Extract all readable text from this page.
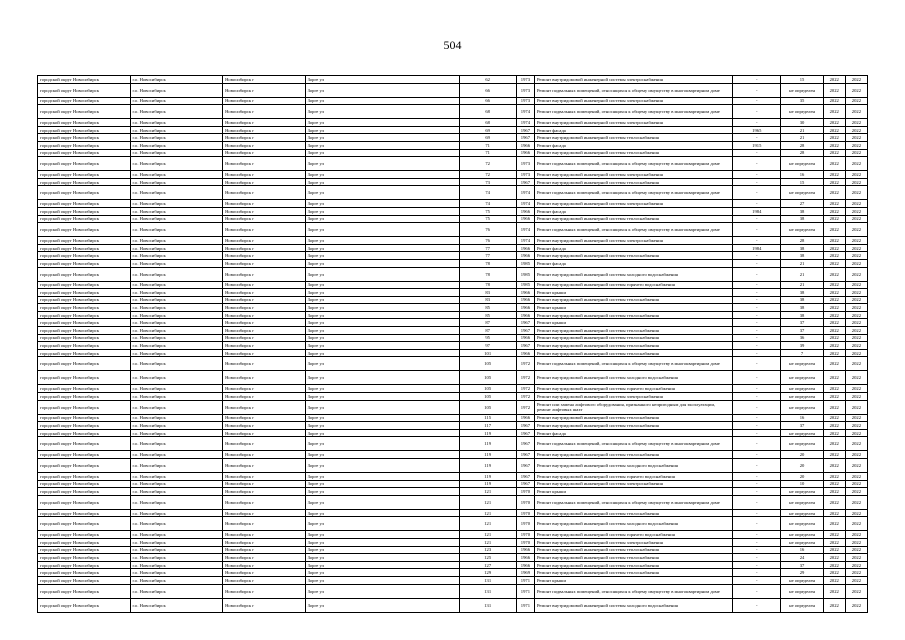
504
городской округ Новосибирск	г.о. Новосибирск	Новосибирск г	Зорге ул	62	1973	Ремонт внутридомовой инженерной системы электроснабжения	-	15	2022	2022
городской округ Новосибирск	г.о. Новосибирск	Новосибирск г	Зорге ул	66	1973	Ремонт подвальных помещений, относящихся к общему имуществу в многоквартирном доме	-	не определен	2022	2022
городской округ Новосибирск	г.о. Новосибирск	Новосибирск г	Зорге ул	66	1973	Ремонт внутридомовой инженерной системы электроснабжения	-	35	2022	2022
городской округ Новосибирск	г.о. Новосибирск	Новосибирск г	Зорге ул	68	1974	Ремонт подвальных помещений, относящихся к общему имуществу в многоквартирном доме	-	не определен	2022	2022
городской округ Новосибирск	г.о. Новосибирск	Новосибирск г	Зорге ул	68	1974	Ремонт внутридомовой инженерной системы электроснабжения	-	30	2022	2022
городской округ Новосибирск	г.о. Новосибирск	Новосибирск г	Зорге ул	69	1967	Ремонт фасада	1965	21	2022	2022
городской округ Новосибирск	г.о. Новосибирск	Новосибирск г	Зорге ул	69	1967	Ремонт внутридомовой инженерной системы теплоснабжения	-	21	2022	2022
городской округ Новосибирск	г.о. Новосибирск	Новосибирск г	Зорге ул	71	1966	Ремонт фасада	1915	28	2022	2022
городской округ Новосибирск	г.о. Новосибирск	Новосибирск г	Зорге ул	71	1966	Ремонт внутридомовой инженерной системы теплоснабжения	-	28	2022	2022
городской округ Новосибирск	г.о. Новосибирск	Новосибирск г	Зорге ул	72	1973	Ремонт подвальных помещений, относящихся к общему имуществу в многоквартирном доме	-	не определен	2022	2022
городской округ Новосибирск	г.о. Новосибирск	Новосибирск г	Зорге ул	72	1973	Ремонт внутридомовой инженерной системы электроснабжения	-	16	2022	2022
городской округ Новосибирск	г.о. Новосибирск	Новосибирск г	Зорге ул	73	1967	Ремонт внутридомовой инженерной системы теплоснабжения	-	15	2022	2022
городской округ Новосибирск	г.о. Новосибирск	Новосибирск г	Зорге ул	74	1974	Ремонт подвальных помещений, относящихся к общему имуществу в многоквартирном доме	-	не определен	2022	2022
городской округ Новосибирск	г.о. Новосибирск	Новосибирск г	Зорге ул	74	1974	Ремонт внутридомовой инженерной системы электроснабжения	-	27	2022	2022
городской округ Новосибирск	г.о. Новосибирск	Новосибирск г	Зорге ул	75	1966	Ремонт фасада	1984	38	2022	2022
городской округ Новосибирск	г.о. Новосибирск	Новосибирск г	Зорге ул	75	1966	Ремонт внутридомовой инженерной системы теплоснабжения	-	38	2022	2022
городской округ Новосибирск	г.о. Новосибирск	Новосибирск г	Зорге ул	76	1974	Ремонт подвальных помещений, относящихся к общему имуществу в многоквартирном доме	-	не определен	2022	2022
городской округ Новосибирск	г.о. Новосибирск	Новосибирск г	Зорге ул	76	1974	Ремонт внутридомовой инженерной системы электроснабжения	-	28	2022	2022
городской округ Новосибирск	г.о. Новосибирск	Новосибирск г	Зорге ул	77	1966	Ремонт фасада	1984	38	2022	2022
городской округ Новосибирск	г.о. Новосибирск	Новосибирск г	Зорге ул	77	1966	Ремонт внутридомовой инженерной системы теплоснабжения	-	38	2022	2022
городской округ Новосибирск	г.о. Новосибирск	Новосибирск г	Зорге ул	78	1985	Ремонт фасада	-	21	2022	2022
городской округ Новосибирск	г.о. Новосибирск	Новосибирск г	Зорге ул	78	1985	Ремонт внутридомовой инженерной системы холодного водоснабжения	-	21	2022	2022
городской округ Новосибирск	г.о. Новосибирск	Новосибирск г	Зорге ул	78	1985	Ремонт внутридомовой инженерной системы горячего водоснабжения	-	21	2022	2022
городской округ Новосибирск	г.о. Новосибирск	Новосибирск г	Зорге ул	83	1966	Ремонт крыши	-	38	2022	2022
городской округ Новосибирск	г.о. Новосибирск	Новосибирск г	Зорге ул	83	1966	Ремонт внутридомовой инженерной системы теплоснабжения	-	38	2022	2022
городской округ Новосибирск	г.о. Новосибирск	Новосибирск г	Зорге ул	85	1966	Ремонт крыши	-	38	2022	2022
городской округ Новосибирск	г.о. Новосибирск	Новосибирск г	Зорге ул	85	1966	Ремонт внутридомовой инженерной системы теплоснабжения	-	38	2022	2022
городской округ Новосибирск	г.о. Новосибирск	Новосибирск г	Зорге ул	87	1967	Ремонт крыши	-	37	2022	2022
городской округ Новосибирск	г.о. Новосибирск	Новосибирск г	Зорге ул	87	1967	Ремонт внутридомовой инженерной системы теплоснабжения	-	37	2022	2022
городской округ Новосибирск	г.о. Новосибирск	Новосибирск г	Зорге ул	95	1966	Ремонт внутридомовой инженерной системы теплоснабжения	-	36	2022	2022
городской округ Новосибирск	г.о. Новосибирск	Новосибирск г	Зорге ул	97	1967	Ремонт внутридомовой инженерной системы теплоснабжения	-	39	2022	2022
городской округ Новосибирск	г.о. Новосибирск	Новосибирск г	Зорге ул	101	1966	Ремонт внутридомовой инженерной системы теплоснабжения	-	7	2022	2022
городской округ Новосибирск	г.о. Новосибирск	Новосибирск г	Зорге ул	105	1972	Ремонт подвальных помещений, относящихся к общему имуществу в многоквартирном доме	-	не определен	2022	2022
городской округ Новосибирск	г.о. Новосибирск	Новосибирск г	Зорге ул	105	1972	Ремонт внутридомовой инженерной системы холодного водоснабжения	-	не определен	2022	2022
городской округ Новосибирск	г.о. Новосибирск	Новосибирск г	Зорге ул	105	1972	Ремонт внутридомовой инженерной системы горячего водоснабжения	-	не определен	2022	2022
городской округ Новосибирск	г.о. Новосибирск	Новосибирск г	Зорге ул	105	1972	Ремонт внутридомовой инженерной системы электроснабжения	-	не определен	2022	2022
городской округ Новосибирск	г.о. Новосибирск	Новосибирск г	Зорге ул	105	1972	Ремонт или замена лифтового оборудования, признанного непригодным для эксплуатации, ремонт лифтовых шахт	-	не определен	2022	2022
городской округ Новосибирск	г.о. Новосибирск	Новосибирск г	Зорге ул	115	1966	Ремонт внутридомовой инженерной системы теплоснабжения	-	16	2022	2022
городской округ Новосибирск	г.о. Новосибирск	Новосибирск г	Зорге ул	117	1967	Ремонт внутридомовой инженерной системы теплоснабжения	-	37	2022	2022
городской округ Новосибирск	г.о. Новосибирск	Новосибирск г	Зорге ул	119	1967	Ремонт фасада	-	не определен	2022	2022
городской округ Новосибирск	г.о. Новосибирск	Новосибирск г	Зорге ул	119	1967	Ремонт подвальных помещений, относящихся к общему имуществу в многоквартирном доме	-	не определен	2022	2022
городской округ Новосибирск	г.о. Новосибирск	Новосибирск г	Зорге ул	119	1967	Ремонт внутридомовой инженерной системы теплоснабжения	-	20	2022	2022
городской округ Новосибирск	г.о. Новосибирск	Новосибирск г	Зорге ул	119	1967	Ремонт внутридомовой инженерной системы холодного водоснабжения	-	20	2022	2022
городской округ Новосибирск	г.о. Новосибирск	Новосибирск г	Зорге ул	119	1967	Ремонт внутридомовой инженерной системы горячего водоснабжения	-	20	2022	2022
городской округ Новосибирск	г.о. Новосибирск	Новосибирск г	Зорге ул	119	1967	Ремонт внутридомовой инженерной системы электроснабжения	-	10	2022	2022
городской округ Новосибирск	г.о. Новосибирск	Новосибирск г	Зорге ул	121	1970	Ремонт крыши	-	не определен	2022	2022
городской округ Новосибирск	г.о. Новосибирск	Новосибирск г	Зорге ул	121	1970	Ремонт подвальных помещений, относящихся к общему имуществу в многоквартирном доме	-	не определен	2022	2022
городской округ Новосибирск	г.о. Новосибирск	Новосибирск г	Зорге ул	121	1970	Ремонт внутридомовой инженерной системы теплоснабжения	-	не определен	2022	2022
городской округ Новосибирск	г.о. Новосибирск	Новосибирск г	Зорге ул	121	1970	Ремонт внутридомовой инженерной системы холодного водоснабжения	-	не определен	2022	2022
городской округ Новосибирск	г.о. Новосибирск	Новосибирск г	Зорге ул	121	1970	Ремонт внутридомовой инженерной системы горячего водоснабжения	-	не определен	2022	2022
городской округ Новосибирск	г.о. Новосибирск	Новосибирск г	Зорге ул	121	1970	Ремонт внутридомовой инженерной системы электроснабжения	-	не определен	2022	2022
городской округ Новосибирск	г.о. Новосибирск	Новосибирск г	Зорге ул	123	1966	Ремонт внутридомовой инженерной системы теплоснабжения	-	16	2022	2022
городской округ Новосибирск	г.о. Новосибирск	Новосибирск г	Зорге ул	125	1966	Ремонт внутридомовой инженерной системы теплоснабжения	-	24	2022	2022
городской округ Новосибирск	г.о. Новосибирск	Новосибирск г	Зорге ул	127	1966	Ремонт внутридомовой инженерной системы теплоснабжения	-	37	2022	2022
городской округ Новосибирск	г.о. Новосибирск	Новосибирск г	Зорге ул	129	1969	Ремонт внутридомовой инженерной системы теплоснабжения	-	29	2022	2022
городской округ Новосибирск	г.о. Новосибирск	Новосибирск г	Зорге ул	131	1971	Ремонт крыши	-	не определен	2022	2022
городской округ Новосибирск	г.о. Новосибирск	Новосибирск г	Зорге ул	131	1971	Ремонт подвальных помещений, относящихся к общему имуществу в многоквартирном доме	-	не определен	2022	2022
городской округ Новосибирск	г.о. Новосибирск	Новосибирск г	Зорге ул	131	1971	Ремонт внутридомовой инженерной системы холодного водоснабжения	-	не определен	2022	2022
